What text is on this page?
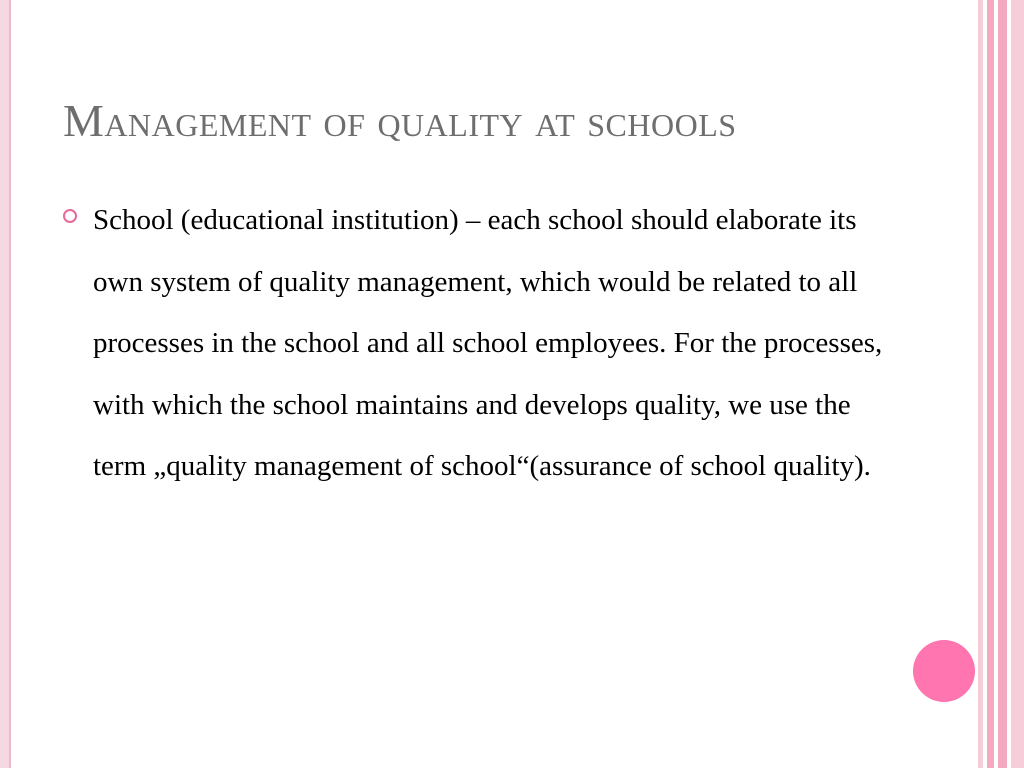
Management of quality at schools

School (educational institution) – each school should elaborate its own system of quality management, which would be related to all processes in the school and all school employees. For the processes, with which the school maintains and develops quality, we use the term „quality management of school“(assurance of school quality).
